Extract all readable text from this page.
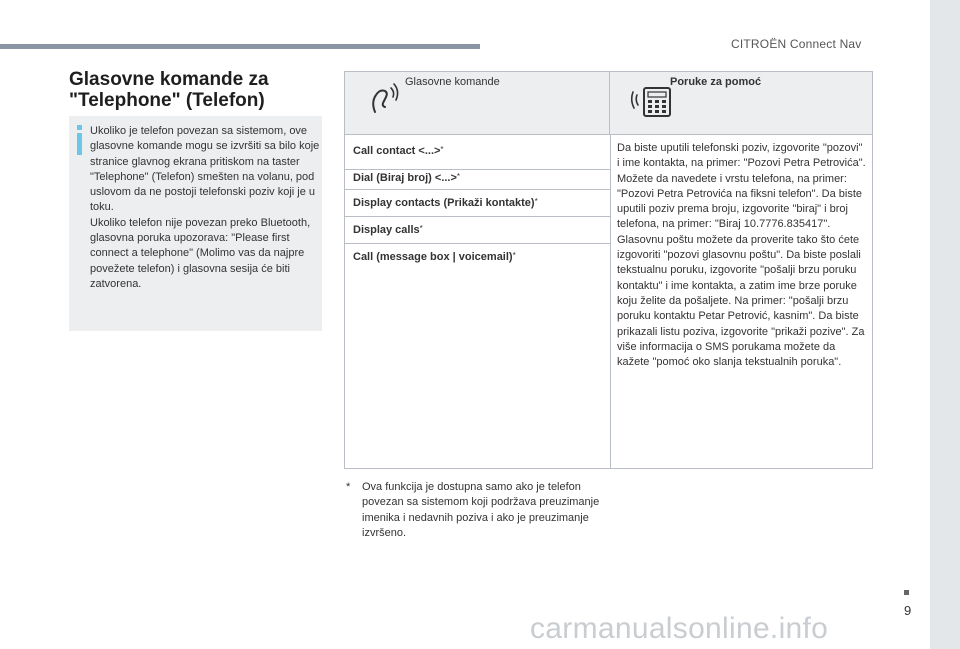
CITROËN Connect Nav
9
Glasovne komande za "Telephone" (Telefon)

Ukoliko je telefon povezan sa sistemom, ove glasovne komande mogu se izvršiti sa bilo koje stranice glavnog ekrana pritiskom na taster "Telephone" (Telefon) smešten na volanu, pod uslovom da ne postoji telefonski poziv koji je u toku.

Ukoliko telefon nije povezan preko Bluetooth, glasovna poruka upozorava: "Please first connect a telephone" (Molimo vas da najpre povežete telefon) i glasovna sesija će biti zatvorena.

Glasovne komande	Poruke za pomoć
Call contact <...>*
Dial (Biraj broj) <...>*
Display contacts (Prikaži kontakte)*
Display calls*
Call (message box | voicemail)*
Da biste uputili telefonski poziv, izgovorite "pozovi" i ime kontakta, na primer: "Pozovi Petra Petrovića". Možete da navedete i vrstu telefona, na primer: "Pozovi Petra Petrovića na fiksni telefon". Da biste uputili poziv prema broju, izgovorite "biraj" i broj telefona, na primer: "Biraj 10.7776.835417". Glasovnu poštu možete da proverite tako što ćete izgovoriti "pozovi glasovnu poštu". Da biste poslali tekstualnu poruku, izgovorite "pošalji brzu poruku kontaktu" i ime kontakta, a zatim ime brze poruke koju želite da pošaljete. Na primer: "pošalji brzu poruku kontaktu Petar Petrović, kasnim". Da biste prikazali listu poziva, izgovorite "prikaži pozive". Za više informacija o SMS porukama možete da kažete "pomoć oko slanja tekstualnih poruka".
* Ova funkcija je dostupna samo ako je telefon povezan sa sistemom koji podržava preuzimanje imenika i nedavnih poziva i ako je preuzimanje izvršeno.
carmanualsonline.info
